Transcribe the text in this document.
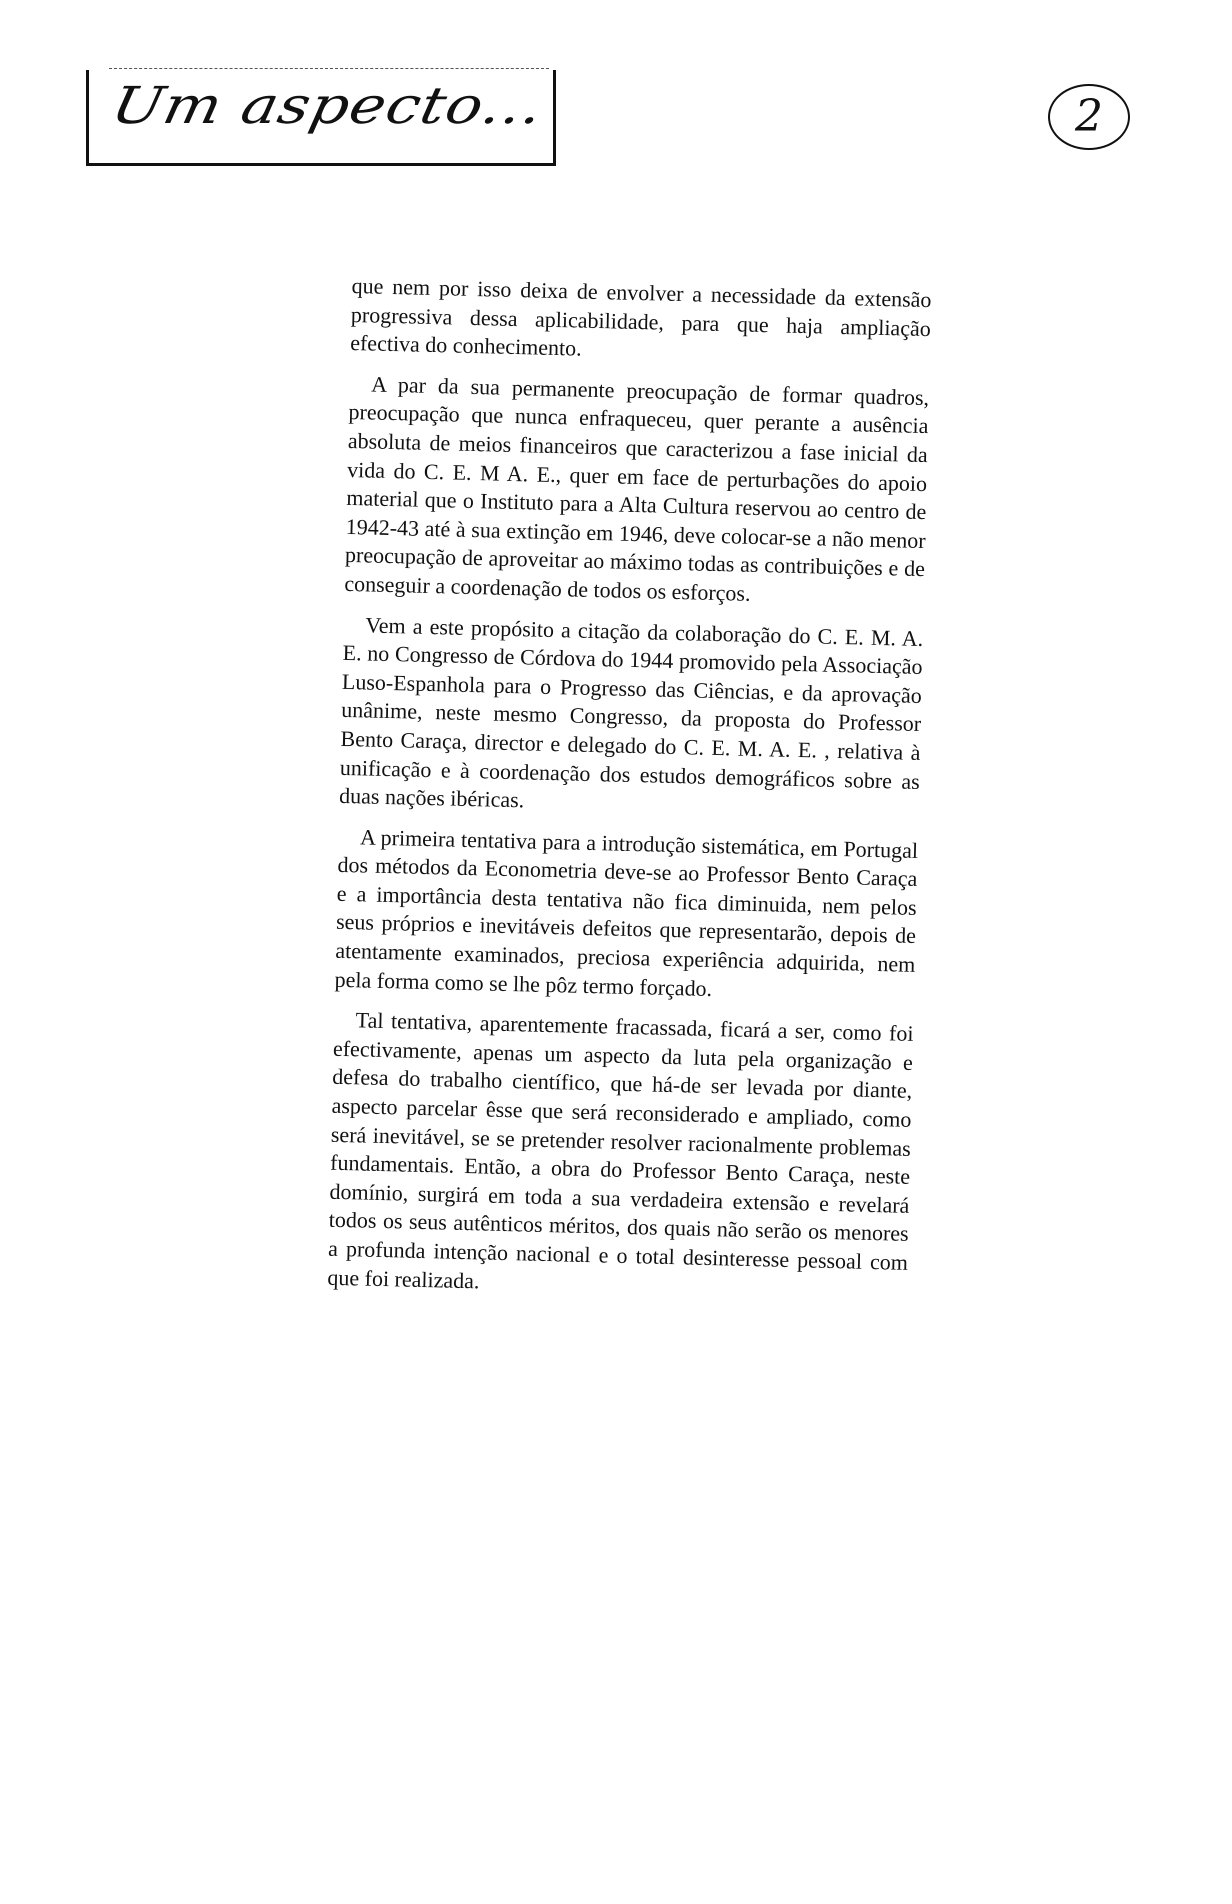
Um aspecto...	2

que nem por isso deixa de envolver a necessidade da extensão progressiva dessa aplicabilidade, para que haja ampliação efectiva do conhecimento.

A par da sua permanente preocupação de formar quadros, preocupação que nunca enfraqueceu, quer perante a ausência absoluta de meios financeiros que caracterizou a fase inicial da vida do C. E. M A. E., quer em face de perturbações do apoio material que o Instituto para a Alta Cultura reservou ao centro de 1942-43 até à sua extinção em 1946, deve colocar-se a não menor preocupação de aproveitar ao máximo todas as contribuições e de conseguir a coordenação de todos os esforços.

Vem a este propósito a citação da colaboração do C. E. M. A. E. no Congresso de Córdova do 1944 promovido pela Associação Luso-Espanhola para o Progresso das Ciências, e da aprovação unânime, neste mesmo Congresso, da proposta do Professor Bento Caraça, director e delegado do C. E. M. A. E. , relativa à unificação e à coordenação dos estudos demográficos sobre as duas nações ibéricas.

A primeira tentativa para a introdução sistemática, em Portugal dos métodos da Econometria deve-se ao Professor Bento Caraça e a importância desta tentativa não fica diminuida, nem pelos seus próprios e inevitáveis defeitos que representarão, depois de atentamente examinados, preciosa experiência adquirida, nem pela forma como se lhe pôz termo forçado.

Tal tentativa, aparentemente fracassada, ficará a ser, como foi efectivamente, apenas um aspecto da luta pela organização e defesa do trabalho científico, que há-de ser levada por diante, aspecto parcelar êsse que será reconsiderado e ampliado, como será inevitável, se se pretender resolver racionalmente problemas fundamentais. Então, a obra do Professor Bento Caraça, neste domínio, surgirá em toda a sua verdadeira extensão e revelará todos os seus autênticos méritos, dos quais não serão os menores a profunda intenção nacional e o total desinteresse pessoal com que foi realizada.
